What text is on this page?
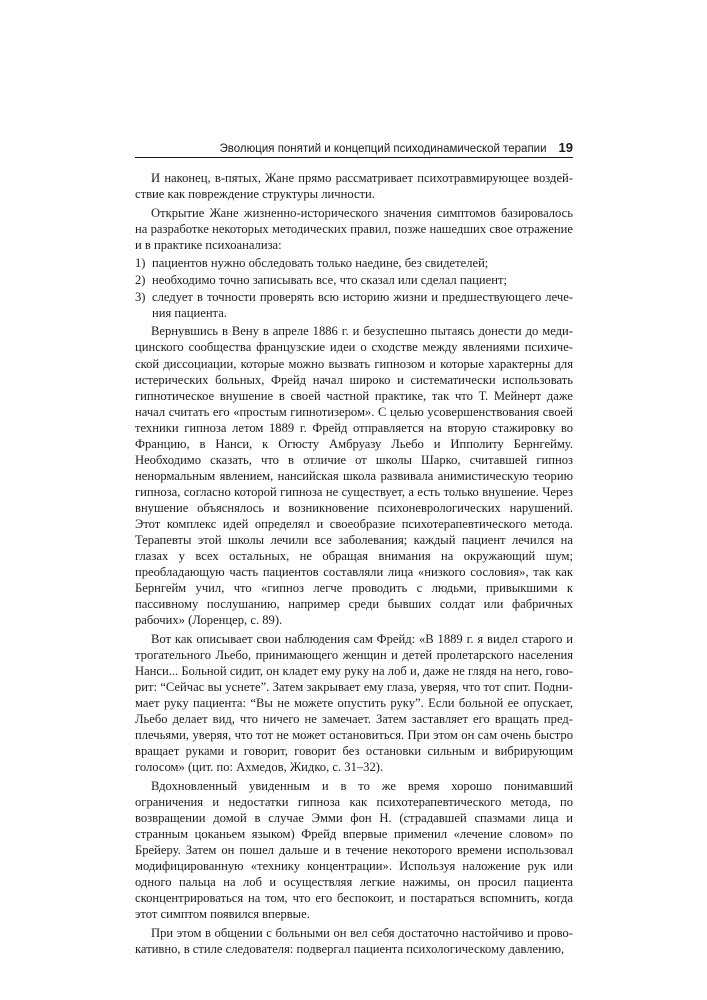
Эволюция понятий и концепций психодинамической терапии 19

И наконец, в-пятых, Жане прямо рассматривает психотравмирующее воздействие как повреждение структуры личности.

Открытие Жане жизненно-исторического значения симптомов базировалось на разработке некоторых методических правил, позже нашедших свое отражение и в практике психоанализа:

1) пациентов нужно обследовать только наедине, без свидетелей;
2) необходимо точно записывать все, что сказал или сделал пациент;
3) следует в точности проверять всю историю жизни и предшествующего лечения пациента.

Вернувшись в Вену в апреле 1886 г. и безуспешно пытаясь донести до медицинского сообщества французские идеи о сходстве между явлениями психической диссоциации, которые можно вызвать гипнозом и которые характерны для истерических больных, Фрейд начал широко и систематически использовать гипнотическое внушение в своей частной практике, так что Т. Мейнерт даже начал считать его «простым гипнотизером». С целью усовершенствования своей техники гипноза летом 1889 г. Фрейд отправляется на вторую стажировку во Францию, в Нанси, к Огюсту Амбруазу Льебо и Ипполиту Бернгейму. Необходимо сказать, что в отличие от школы Шарко, считавшей гипноз ненормальным явлением, нансийская школа развивала анимистическую теорию гипноза, согласно которой гипноза не существует, а есть только внушение. Через внушение объяснялось и возникновение психоневрологических нарушений. Этот комплекс идей определял и своеобразие психотерапевтического метода. Терапевты этой школы лечили все заболевания; каждый пациент лечился на глазах у всех остальных, не обращая внимания на окружающий шум; преобладающую часть пациентов составляли лица «низкого сословия», так как Бернгейм учил, что «гипноз легче проводить с людьми, привыкшими к пассивному послушанию, например среди бывших солдат или фабричных рабочих» (Лоренцер, с. 89).

Вот как описывает свои наблюдения сам Фрейд: «В 1889 г. я видел старого и трогательного Льебо, принимающего женщин и детей пролетарского населения Нанси... Больной сидит, он кладет ему руку на лоб и, даже не глядя на него, говорит: “Сейчас вы уснете”. Затем закрывает ему глаза, уверяя, что тот спит. Поднимает руку пациента: “Вы не можете опустить руку”. Если больной ее опускает, Льебо делает вид, что ничего не замечает. Затем заставляет его вращать предплечьями, уверяя, что тот не может остановиться. При этом он сам очень быстро вращает руками и говорит, говорит без остановки сильным и вибрирующим голосом» (цит. по: Ахмедов, Жидко, с. 31–32).

Вдохновленный увиденным и в то же время хорошо понимавший ограничения и недостатки гипноза как психотерапевтического метода, по возвращении домой в случае Эмми фон Н. (страдавшей спазмами лица и странным цоканьем языком) Фрейд впервые применил «лечение словом» по Брейеру. Затем он пошел дальше и в течение некоторого времени использовал модифицированную «технику концентрации». Используя наложение рук или одного пальца на лоб и осуществляя легкие нажимы, он просил пациента сконцентрироваться на том, что его беспокоит, и постараться вспомнить, когда этот симптом появился впервые.

При этом в общении с больными он вел себя достаточно настойчиво и провокативно, в стиле следователя: подвергал пациента психологическому давлению,
